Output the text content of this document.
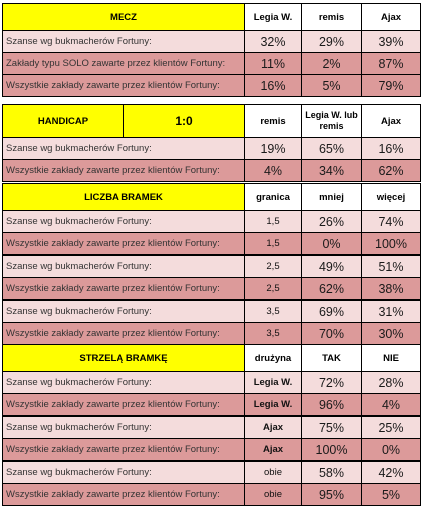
MECZ	Legia W.	remis	Ajax
Szanse wg bukmacherów Fortuny:	32%	29%	39%
Zakłady typu SOLO zawarte przez klientów Fortuny:	11%	2%	87%
Wszystkie zakłady zawarte przez klientów Fortuny:	16%	5%	79%
HANDICAP	1:0	remis	Legia W. lub remis	Ajax
Szanse wg bukmacherów Fortuny:		19%	65%	16%
Wszystkie zakłady zawarte przez klientów Fortuny:		4%	34%	62%
LICZBA BRAMEK	granica	mniej	więcej
Szanse wg bukmacherów Fortuny:	1,5	26%	74%
Wszystkie zakłady zawarte przez klientów Fortuny:	1,5	0%	100%
Szanse wg bukmacherów Fortuny:	2,5	49%	51%
Wszystkie zakłady zawarte przez klientów Fortuny:	2,5	62%	38%
Szanse wg bukmacherów Fortuny:	3,5	69%	31%
Wszystkie zakłady zawarte przez klientów Fortuny:	3,5	70%	30%
STRZELĄ BRAMKĘ	drużyna	TAK	NIE
Szanse wg bukmacherów Fortuny:	Legia W.	72%	28%
Wszystkie zakłady zawarte przez klientów Fortuny:	Legia W.	96%	4%
Szanse wg bukmacherów Fortuny:	Ajax	75%	25%
Wszystkie zakłady zawarte przez klientów Fortuny:	Ajax	100%	0%
Szanse wg bukmacherów Fortuny:	obie	58%	42%
Wszystkie zakłady zawarte przez klientów Fortuny:	obie	95%	5%
